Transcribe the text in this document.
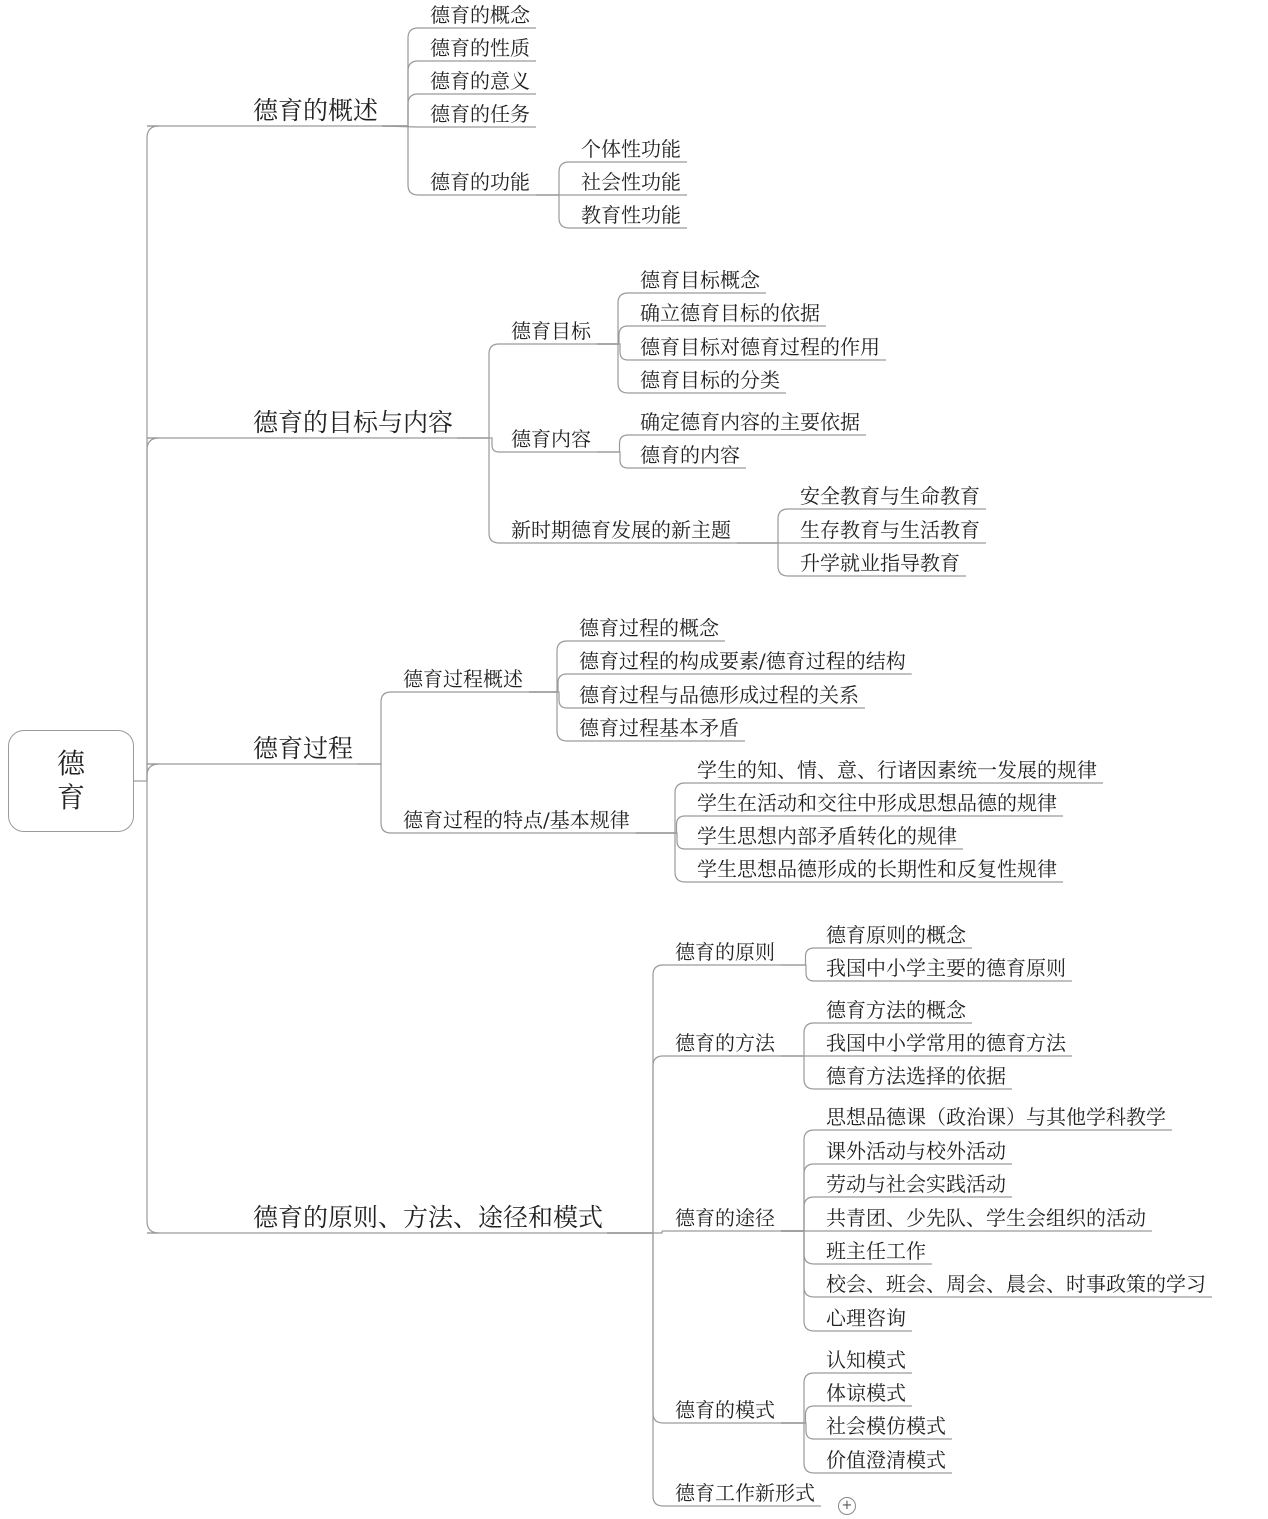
德育
德育的概述
德育的目标与内容
德育过程
德育的原则、方法、途径和模式
德育的概念
德育的性质
德育的意义
德育的任务
德育的功能
个体性功能
社会性功能
教育性功能
德育目标
德育目标概念
确立德育目标的依据
德育目标对德育过程的作用
德育目标的分类
德育内容
确定德育内容的主要依据
德育的内容
新时期德育发展的新主题
安全教育与生命教育
生存教育与生活教育
升学就业指导教育
德育过程概述
德育过程的概念
德育过程的构成要素/德育过程的结构
德育过程与品德形成过程的关系
德育过程基本矛盾
德育过程的特点/基本规律
学生的知、情、意、行诸因素统一发展的规律
学生在活动和交往中形成思想品德的规律
学生思想内部矛盾转化的规律
学生思想品德形成的长期性和反复性规律
德育的原则
德育原则的概念
我国中小学主要的德育原则
德育的方法
德育方法的概念
我国中小学常用的德育方法
德育方法选择的依据
德育的途径
思想品德课（政治课）与其他学科教学
课外活动与校外活动
劳动与社会实践活动
共青团、少先队、学生会组织的活动
班主任工作
校会、班会、周会、晨会、时事政策的学习
心理咨询
德育的模式
认知模式
体谅模式
社会模仿模式
价值澄清模式
德育工作新形式
+
